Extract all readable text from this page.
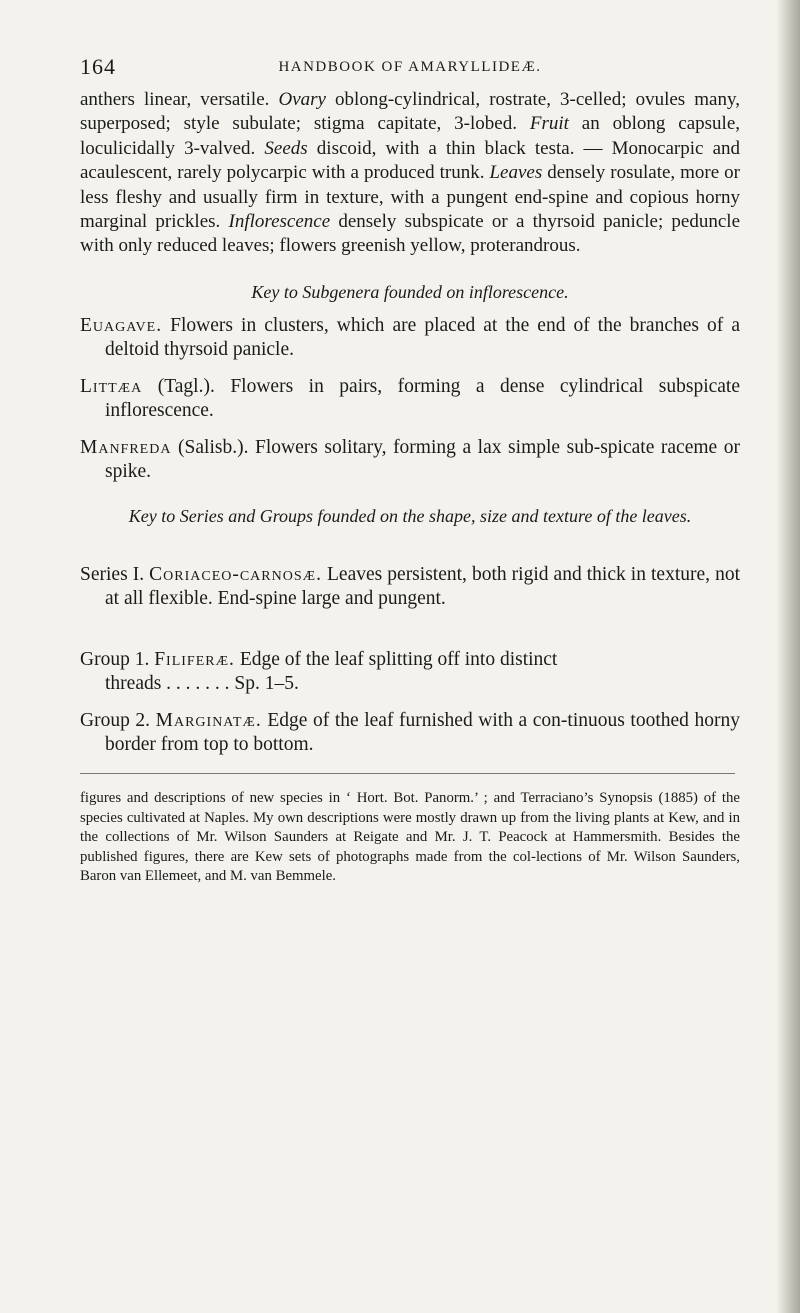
164	HANDBOOK OF AMARYLLIDEÆ.

anthers linear, versatile. Ovary oblong-cylindrical, rostrate, 3-celled; ovules many, superposed; style subulate; stigma capitate, 3-lobed. Fruit an oblong capsule, loculicidally 3-valved. Seeds discoid, with a thin black testa. — Monocarpic and acaulescent, rarely polycarpic with a produced trunk. Leaves densely rosulate, more or less fleshy and usually firm in texture, with a pungent end-spine and copious horny marginal prickles. Inflorescence densely subspicate or a thyrsoid panicle; peduncle with only reduced leaves; flowers greenish yellow, proterandrous.

Key to Subgenera founded on inflorescence.

Euagave. Flowers in clusters, which are placed at the end of the branches of a deltoid thyrsoid panicle.

Littæa (Tagl.). Flowers in pairs, forming a dense cylindrical subspicate inflorescence.

Manfreda (Salisb.). Flowers solitary, forming a lax simple sub-spicate raceme or spike.

Key to Series and Groups founded on the shape, size and texture of the leaves.

Series I. Coriaceo-carnosæ. Leaves persistent, both rigid and thick in texture, not at all flexible. End-spine large and pungent.

Group 1. Filiferæ. Edge of the leaf splitting off into distinct

threads . . . . . . . Sp. 1–5.

Group 2. Marginatæ. Edge of the leaf furnished with a con-tinuous toothed horny border from top to bottom.

figures and descriptions of new species in ‘ Hort. Bot. Panorm.’ ; and Terraciano’s Synopsis (1885) of the species cultivated at Naples. My own descriptions were mostly drawn up from the living plants at Kew, and in the collections of Mr. Wilson Saunders at Reigate and Mr. J. T. Peacock at Hammersmith. Besides the published figures, there are Kew sets of photographs made from the col-lections of Mr. Wilson Saunders, Baron van Ellemeet, and M. van Bemmele.
